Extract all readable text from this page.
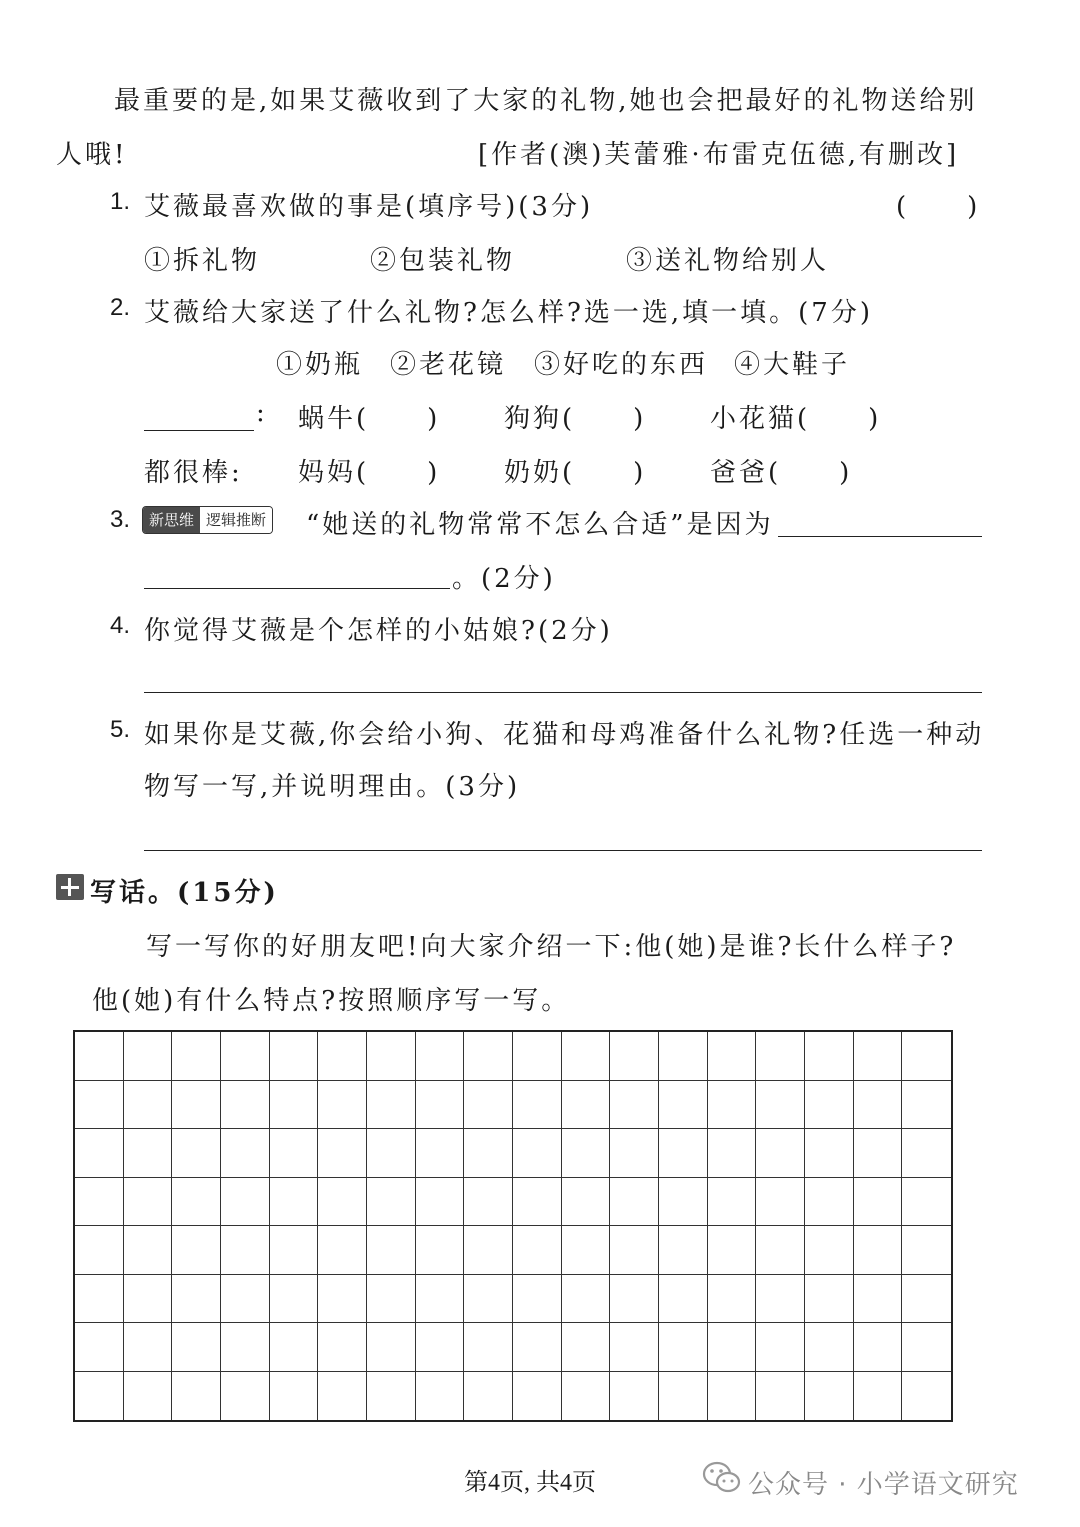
最重要的是,如果艾薇收到了大家的礼物,她也会把最好的礼物送给别
人哦!	[作者(澳)芙蕾雅·布雷克伍德,有删改]
1. 艾薇最喜欢做的事是(填序号)(3分)	(　　)
①拆礼物	②包装礼物	③送礼物给别人
2. 艾薇给大家送了什么礼物?怎么样?选一选,填一填。(7分)
①奶瓶 ②老花镜 ③好吃的东西 ④大鞋子
: 蜗牛(　　) 狗狗(　　) 小花猫(　　)
都很棒: 妈妈(　　) 奶奶(　　) 爸爸(　　)
3.	新思维 逻辑推断 “她送的礼物常常不怎么合适”是因为
。(2分)
4. 你觉得艾薇是个怎样的小姑娘?(2分)
5. 如果你是艾薇,你会给小狗、花猫和母鸡准备什么礼物?任选一种动
物写一写,并说明理由。(3分)
写话。(15分)
写一写你的好朋友吧!向大家介绍一下:他(她)是谁?长什么样子?
他(她)有什么特点?按照顺序写一写。
第4页, 共4页	公众号 · 小学语文研究
